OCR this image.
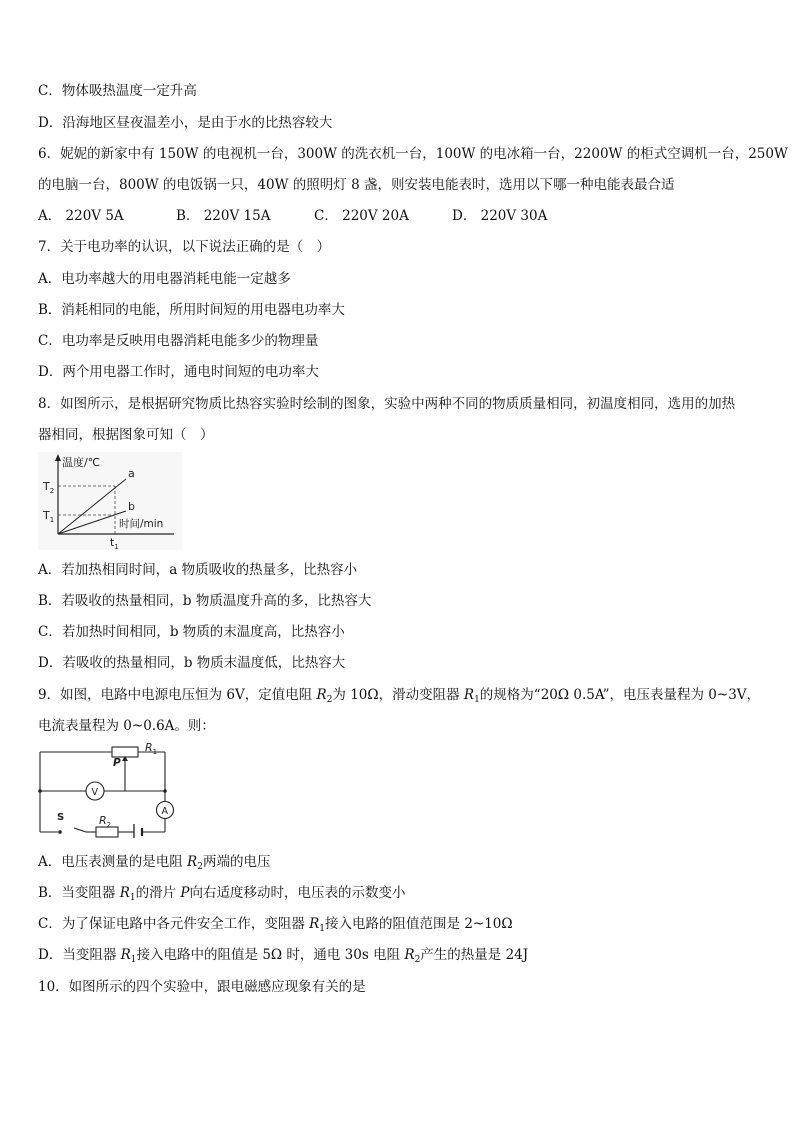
C．物体吸热温度一定升高
D．沿海地区昼夜温差小，是由于水的比热容较大
6．妮妮的新家中有 150W 的电视机一台，300W 的洗衣机一台，100W 的电冰箱一台，2200W 的柜式空调机一台，250W
的电脑一台，800W 的电饭锅一只，40W 的照明灯 8 盏，则安装电能表时，选用以下哪一种电能表最合适
A． 220V 5A	B． 220V 15A	C． 220V 20A	D． 220V 30A
7．关于电功率的认识，以下说法正确的是（　）
A．电功率越大的用电器消耗电能一定越多
B．消耗相同的电能，所用时间短的用电器电功率大
C．电功率是反映用电器消耗电能多少的物理量
D．两个用电器工作时，通电时间短的电功率大
8．如图所示，是根据研究物质比热容实验时绘制的图象，实验中两种不同的物质质量相同，初温度相同，选用的加热
器相同，根据图象可知（　）
温度/℃
a
b
时间/min
$T_2$
$T_1$
$t_1$
A．若加热相同时间，a 物质吸收的热量多，比热容小
B．若吸收的热量相同，b 物质温度升高的多，比热容大
C．若加热时间相同，b 物质的末温度高，比热容小
D．若吸收的热量相同，b 物质末温度低，比热容大
9．如图，电路中电源电压恒为 6V，定值电阻 $R_2$为 10Ω，滑动变阻器 $R_1$的规格为“20Ω 0.5A”，电压表量程为 0~3V，
电流表量程为 0~0.6A。则：
$R_1$
P
V
A
S	$R_2$
A．电压表测量的是电阻 $R_2$两端的电压
B．当变阻器 $R_1$的滑片 P向右适度移动时，电压表的示数变小
C．为了保证电路中各元件安全工作，变阻器 $R_1$接入电路的阻值范围是 2~10Ω
D．当变阻器 $R_1$接入电路中的阻值是 5Ω 时，通电 30s 电阻 $R_2$产生的热量是 24J
10．如图所示的四个实验中，跟电磁感应现象有关的是
